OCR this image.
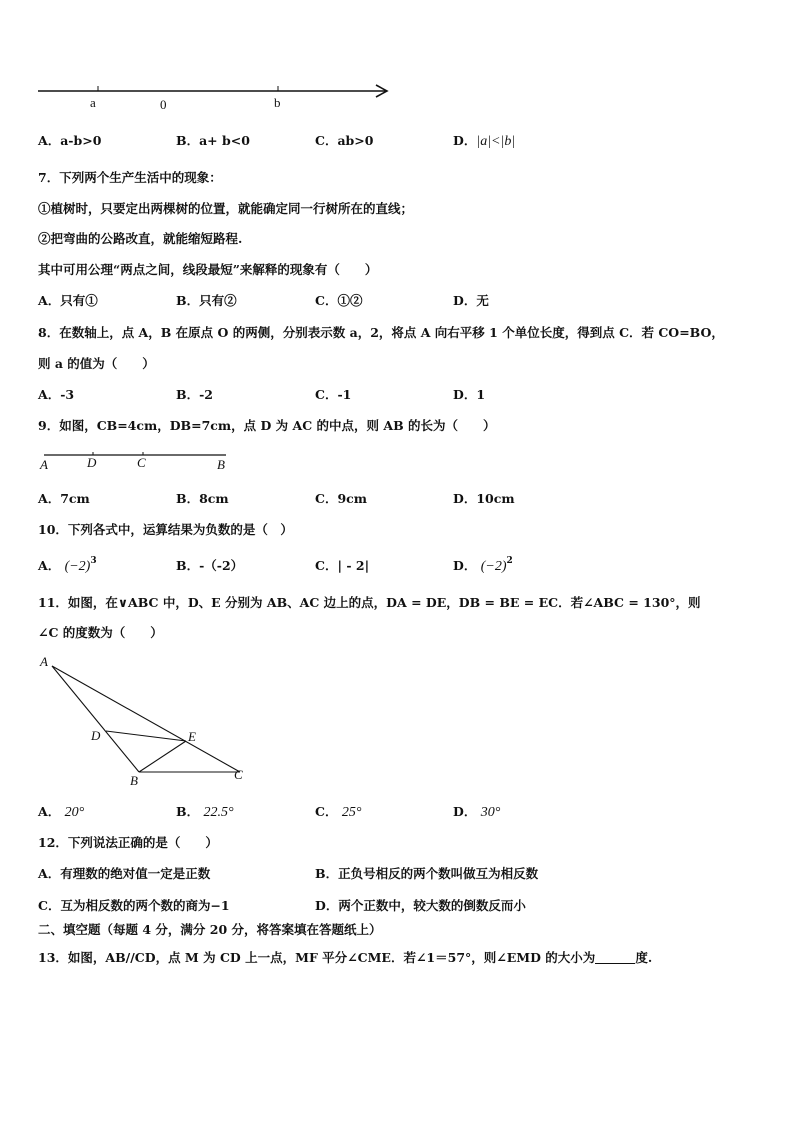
a	0	b
A．a-b>0	B．a+ b<0	C．ab>0	D．|a|<|b|
7．下列两个生产生活中的现象：
①植树时，只要定出两棵树的位置，就能确定同一行树所在的直线；
②把弯曲的公路改直，就能缩短路程.
其中可用公理“两点之间，线段最短”来解释的现象有（　　）
A．只有①	B．只有②	C．①②	D．无
8．在数轴上，点 A，B 在原点 O 的两侧，分别表示数 a，2，将点 A 向右平移 1 个单位长度，得到点 C．若 CO=BO，
则 a 的值为（　　）
A．-3	B．-2	C．-1	D．1
9．如图，CB=4cm，DB=7cm，点 D 为 AC 的中点，则 AB 的长为（　　）
A	D	C	B
A．7cm	B．8cm	C．9cm	D．10cm
10．下列各式中，运算结果为负数的是（　）
A． $(-2)^3$	B．-（-2）	C．| - 2|	D． $(-2)^2$
11．如图，在∨ABC 中，D、E 分别为 AB、AC 边上的点，DA = DE，DB = BE = EC．若∠ABC = 130°，则
∠C 的度数为（　　）
A
D	E
B	C
A． 20°	B． 22.5°	C． 25°	D． 30°
12．下列说法正确的是（　　）
A．有理数的绝对值一定是正数	B．正负号相反的两个数叫做互为相反数
C．互为相反数的两个数的商为−1	D．两个正数中，较大数的倒数反而小
二、填空题（每题 4 分，满分 20 分，将答案填在答题纸上）
13．如图，AB//CD，点 M 为 CD 上一点，MF 平分∠CME．若∠1＝57°，则∠EMD 的大小为	度.
